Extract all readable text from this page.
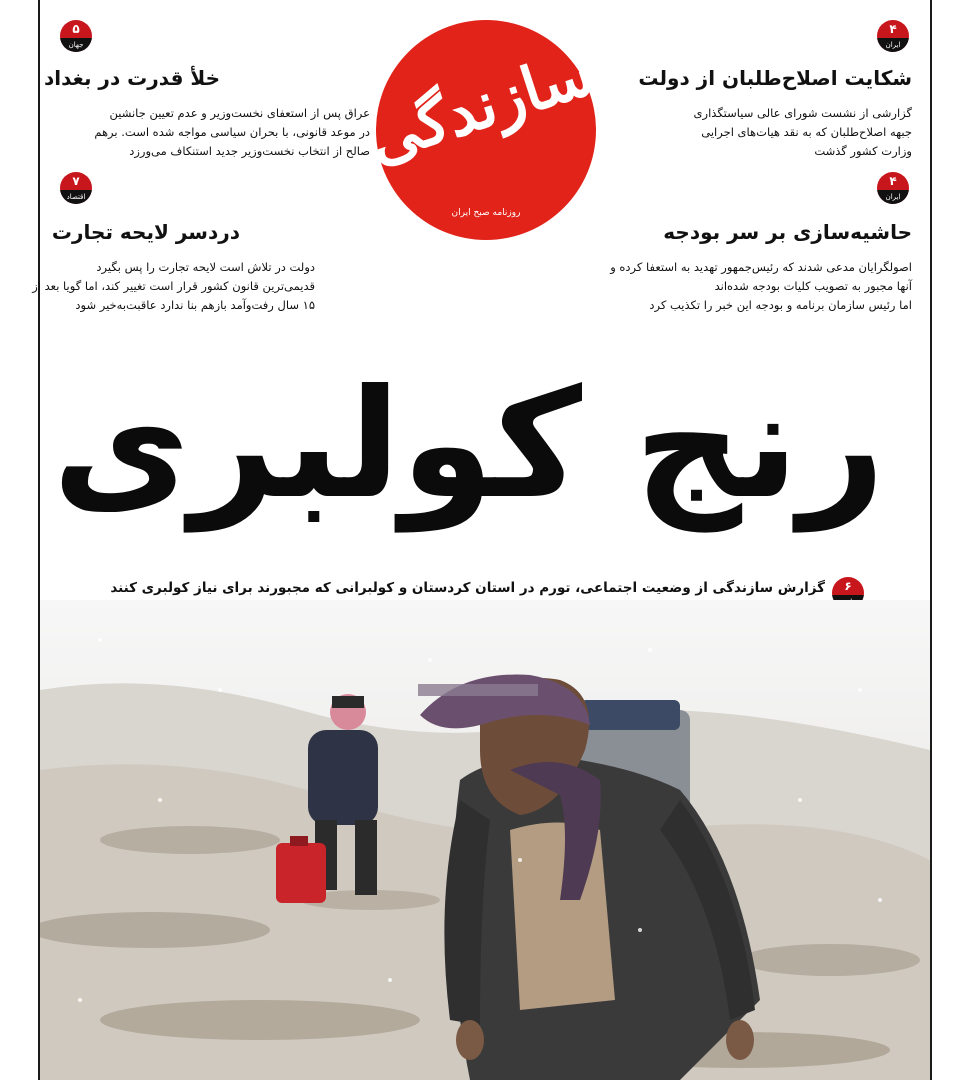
۴
ایران
شکایت اصلاح‌طلبان از دولت
گزارشی از نشست شورای عالی سیاستگذاری
جبهه اصلاح‌طلبان که به نقد هیات‌های اجرایی
وزارت کشور گذشت
۵
جهان
خلأ قدرت در بغداد
عراق پس از استعفای نخست‌وزیر و عدم تعیین جانشین
در موعد قانونی، با بحران سیاسی مواجه شده است. برهم
صالح از انتخاب نخست‌وزیر جدید استنکاف می‌ورزد
۴
ایران
حاشیه‌سازی بر سر بودجه
اصولگرایان مدعی شدند که رئیس‌جمهور تهدید به استعفا کرده و
آنها مجبور به تصویب کلیات بودجه شده‌اند
اما رئیس سازمان برنامه و بودجه این خبر را تکذیب کرد
۷
اقتصاد
دردسر لایحه تجارت
دولت در تلاش است لایحه تجارت را پس بگیرد
قدیمی‌ترین قانون کشور قرار است تغییر کند، اما گویا بعد از
۱۵ سال رفت‌وآمد بازهم بنا ندارد عاقبت‌به‌خیر شود
سازندگی
روزنامه صبح ایران
رنج کولبری
۶
گزارش سازندگی از وضعیت اجتماعی، تورم در استان کردستان و کولبرانی که مجبورند برای نیاز کولبری کنند
